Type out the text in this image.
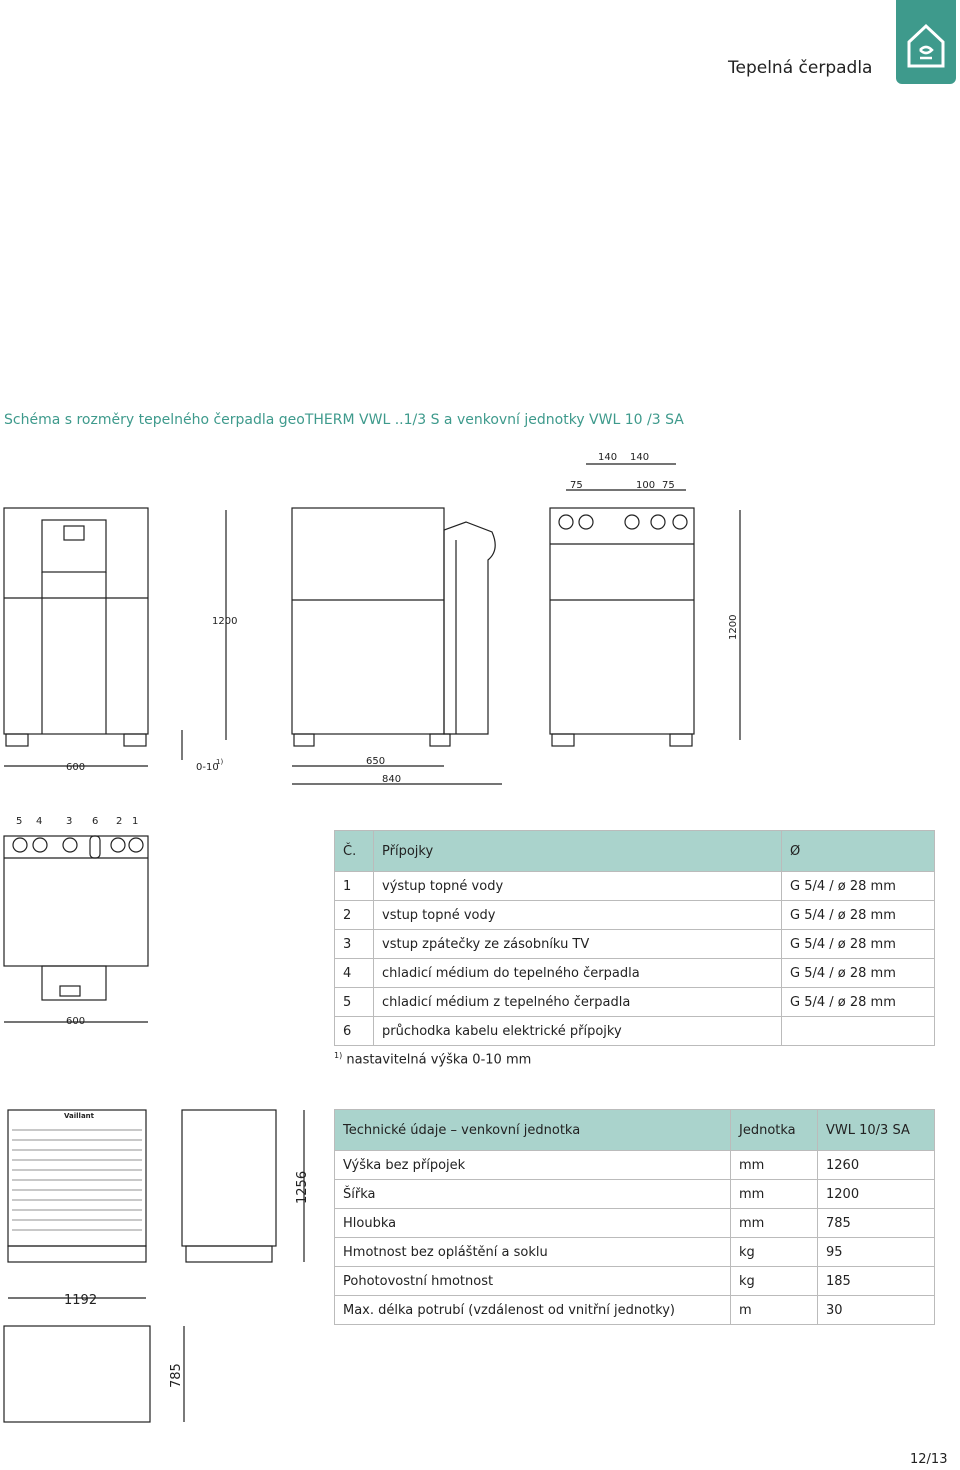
Tepelná čerpadla
Schéma s rozměry tepelného čerpadla geoTHERM VWL ..1/3 S a venkovní jednotky VWL 10 /3 SA
140 140
75	100 75
1200	1200
600	0-10
1)	650
840
5 4 3 6 2 1
600
Vaillant
1192
1256
785
Č.	Přípojky	Ø
1	výstup topné vody	G 5/4 / ø 28 mm
2	vstup topné vody	G 5/4 / ø 28 mm
3	vstup zpátečky ze zásobníku TV	G 5/4 / ø 28 mm
4	chladicí médium do tepelného čerpadla	G 5/4 / ø 28 mm
5	chladicí médium z tepelného čerpadla	G 5/4 / ø 28 mm
6	průchodka kabelu elektrické přípojky	
$^{1)}$ nastavitelná výška 0-10 mm
Technické údaje – venkovní jednotka	Jednotka	VWL 10/3 SA
Výška bez přípojek	mm	1260
Šířka	mm	1200
Hloubka	mm	785
Hmotnost bez opláštění a soklu	kg	95
Pohotovostní hmotnost	kg	185
Max. délka potrubí (vzdálenost od vnitřní jednotky)	m	30
12/13
